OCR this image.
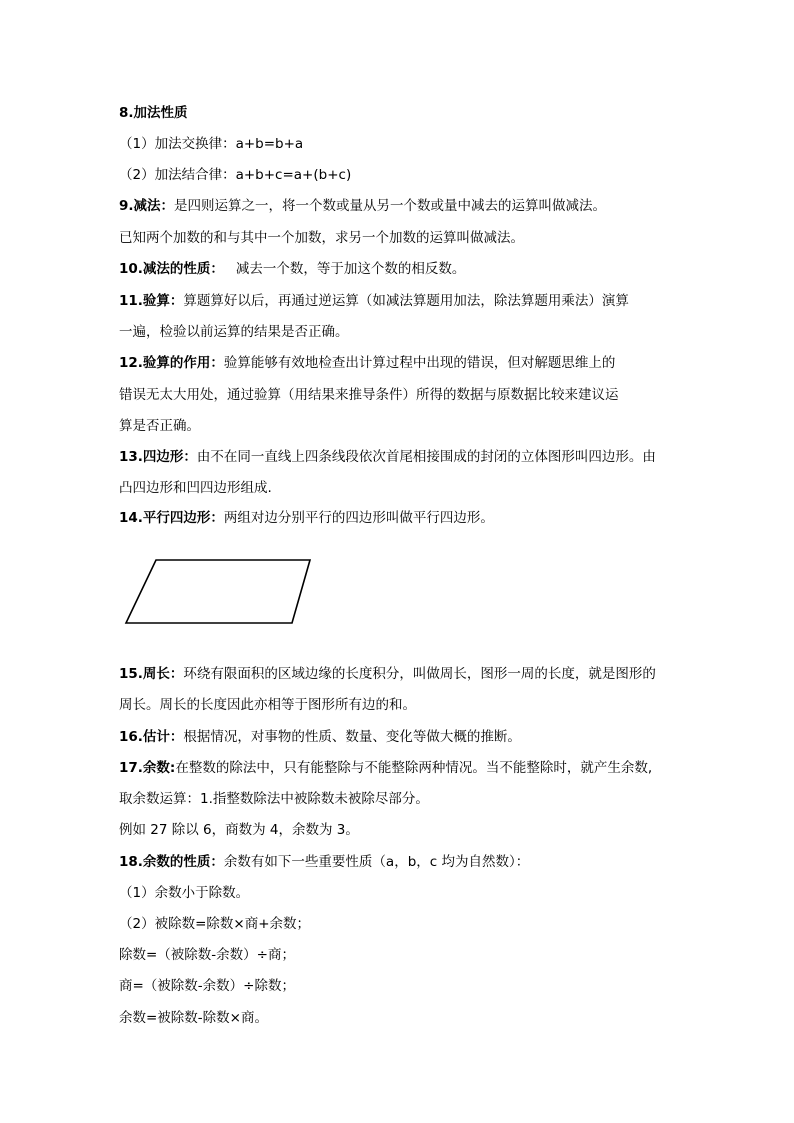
8.加法性质
（1）加法交换律：a+b=b+a
（2）加法结合律：a+b+c=a+(b+c)
9.减法：是四则运算之一，将一个数或量从另一个数或量中减去的运算叫做减法。
已知两个加数的和与其中一个加数，求另一个加数的运算叫做减法。
10.减法的性质： 减去一个数，等于加这个数的相反数。
11.验算：算题算好以后，再通过逆运算（如减法算题用加法，除法算题用乘法）演算
一遍，检验以前运算的结果是否正确。
12.验算的作用：验算能够有效地检查出计算过程中出现的错误，但对解题思维上的
错误无太大用处，通过验算（用结果来推导条件）所得的数据与原数据比较来建议运
算是否正确。
13.四边形：由不在同一直线上四条线段依次首尾相接围成的封闭的立体图形叫四边形。由
凸四边形和凹四边形组成.
14.平行四边形：两组对边分别平行的四边形叫做平行四边形。
15.周长：环绕有限面积的区域边缘的长度积分，叫做周长，图形一周的长度，就是图形的
周长。周长的长度因此亦相等于图形所有边的和。
16.估计：根据情况，对事物的性质、数量、变化等做大概的推断。
17.余数:在整数的除法中，只有能整除与不能整除两种情况。当不能整除时，就产生余数,
取余数运算：1.指整数除法中被除数未被除尽部分。
例如 27 除以 6，商数为 4，余数为 3。
18.余数的性质：余数有如下一些重要性质（a，b，c 均为自然数）：
（1）余数小于除数。
（2）被除数=除数×商+余数；
除数=（被除数-余数）÷商；
商=（被除数-余数）÷除数；
余数=被除数-除数×商。
